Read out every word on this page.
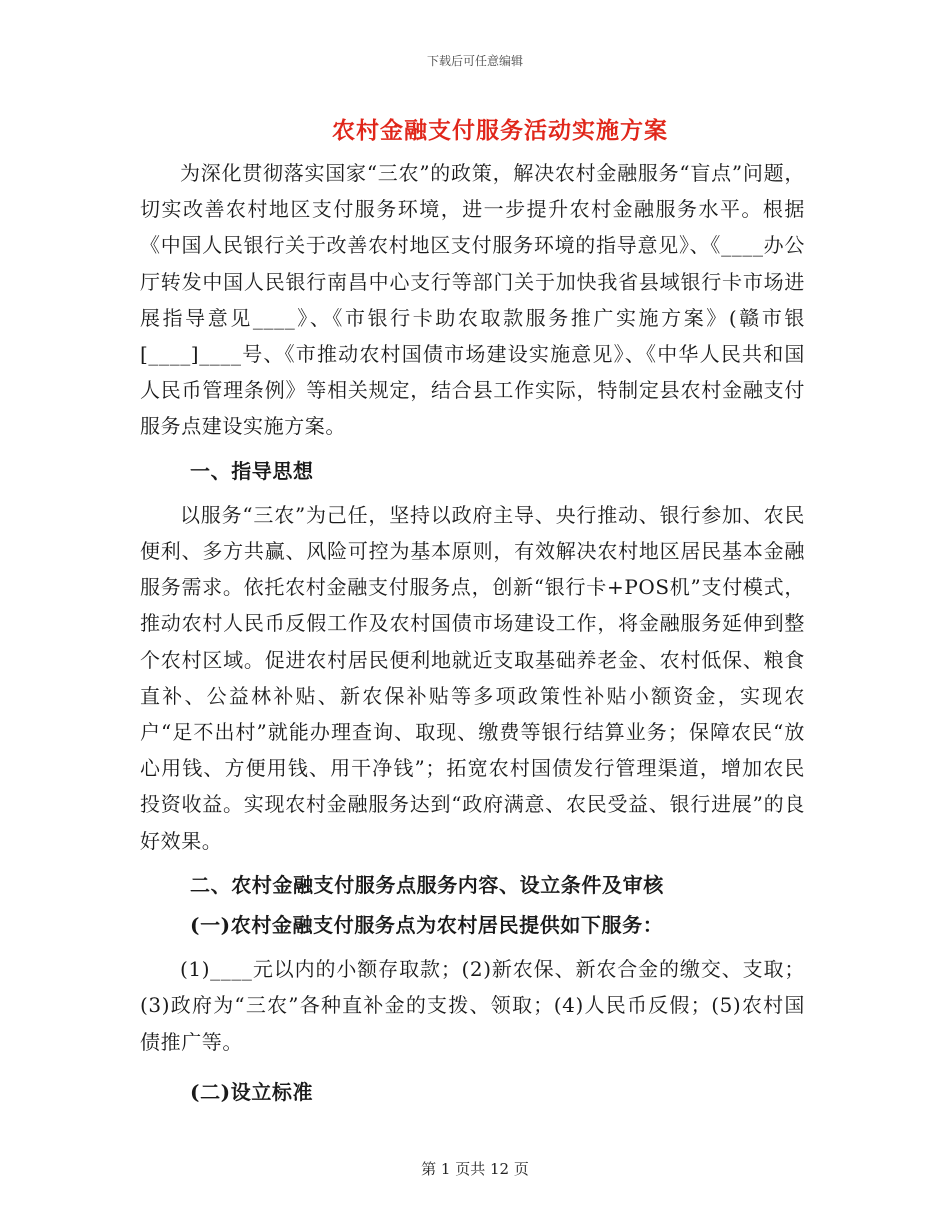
下载后可任意编辑
农村金融支付服务活动实施方案

为深化贯彻落实国家“三农”的政策，解决农村金融服务“盲点”问题，切实改善农村地区支付服务环境，进一步提升农村金融服务水平。根据《中国人民银行关于改善农村地区支付服务环境的指导意见》、《____办公厅转发中国人民银行南昌中心支行等部门关于加快我省县域银行卡市场进展指导意见____》、《市银行卡助农取款服务推广实施方案》(赣市银[____]____号、《市推动农村国债市场建设实施意见》、《中华人民共和国人民币管理条例》等相关规定，结合县工作实际，特制定县农村金融支付服务点建设实施方案。

一、指导思想

以服务“三农”为己任，坚持以政府主导、央行推动、银行参加、农民便利、多方共赢、风险可控为基本原则，有效解决农村地区居民基本金融服务需求。依托农村金融支付服务点，创新“银行卡+POS机”支付模式，推动农村人民币反假工作及农村国债市场建设工作，将金融服务延伸到整个农村区域。促进农村居民便利地就近支取基础养老金、农村低保、粮食直补、公益林补贴、新农保补贴等多项政策性补贴小额资金，实现农户“足不出村”就能办理查询、取现、缴费等银行结算业务；保障农民“放心用钱、方便用钱、用干净钱”；拓宽农村国债发行管理渠道，增加农民投资收益。实现农村金融服务达到“政府满意、农民受益、银行进展”的良好效果。

二、农村金融支付服务点服务内容、设立条件及审核

(一)农村金融支付服务点为农村居民提供如下服务：

(1)____元以内的小额存取款；(2)新农保、新农合金的缴交、支取；(3)政府为“三农”各种直补金的支拨、领取；(4)人民币反假；(5)农村国债推广等。

(二)设立标准

第 1 页共 12 页
